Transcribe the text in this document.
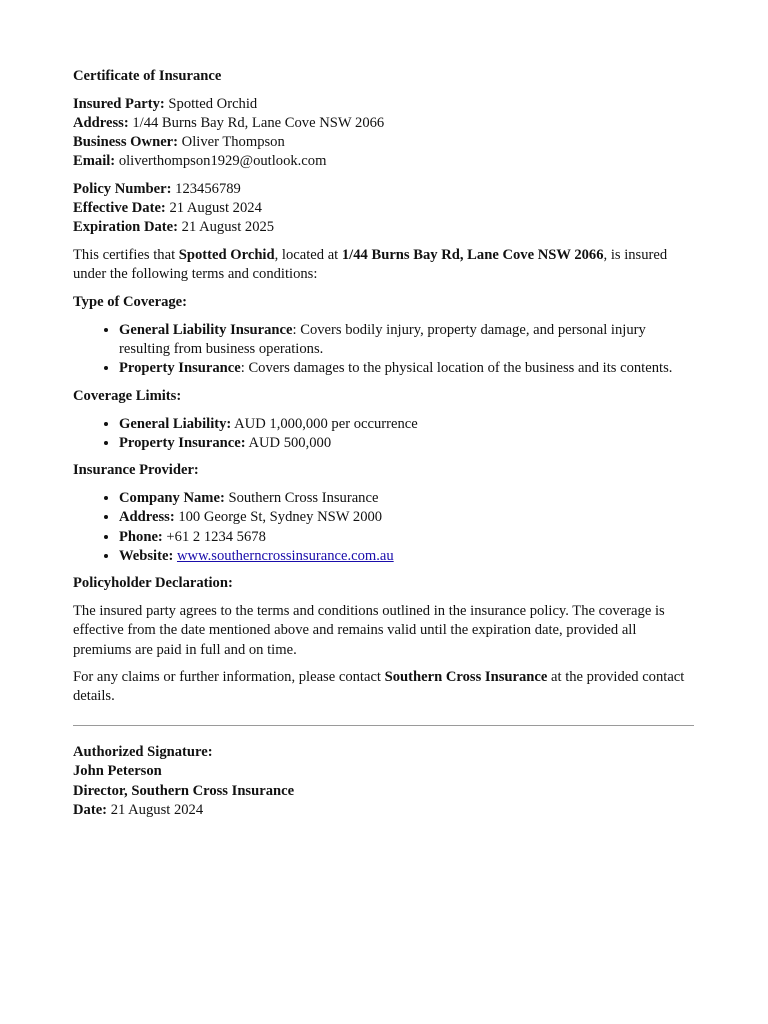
Certificate of Insurance

Insured Party: Spotted Orchid

Address: 1/44 Burns Bay Rd, Lane Cove NSW 2066

Business Owner: Oliver Thompson

Email: oliverthompson1929@outlook.com

Policy Number: 123456789

Effective Date: 21 August 2024

Expiration Date: 21 August 2025

This certifies that Spotted Orchid, located at 1/44 Burns Bay Rd, Lane Cove NSW 2066, is insured under the following terms and conditions:

Type of Coverage:

• General Liability Insurance: Covers bodily injury, property damage, and personal injury resulting from business operations.
• Property Insurance: Covers damages to the physical location of the business and its contents.

Coverage Limits:

• General Liability: AUD 1,000,000 per occurrence
• Property Insurance: AUD 500,000

Insurance Provider:

• Company Name: Southern Cross Insurance
• Address: 100 George St, Sydney NSW 2000
• Phone: +61 2 1234 5678
• Website: www.southerncrossinsurance.com.au

Policyholder Declaration:

The insured party agrees to the terms and conditions outlined in the insurance policy. The coverage is effective from the date mentioned above and remains valid until the expiration date, provided all premiums are paid in full and on time.

For any claims or further information, please contact Southern Cross Insurance at the provided contact details.

Authorized Signature:

John Peterson

Director, Southern Cross Insurance

Date: 21 August 2024
